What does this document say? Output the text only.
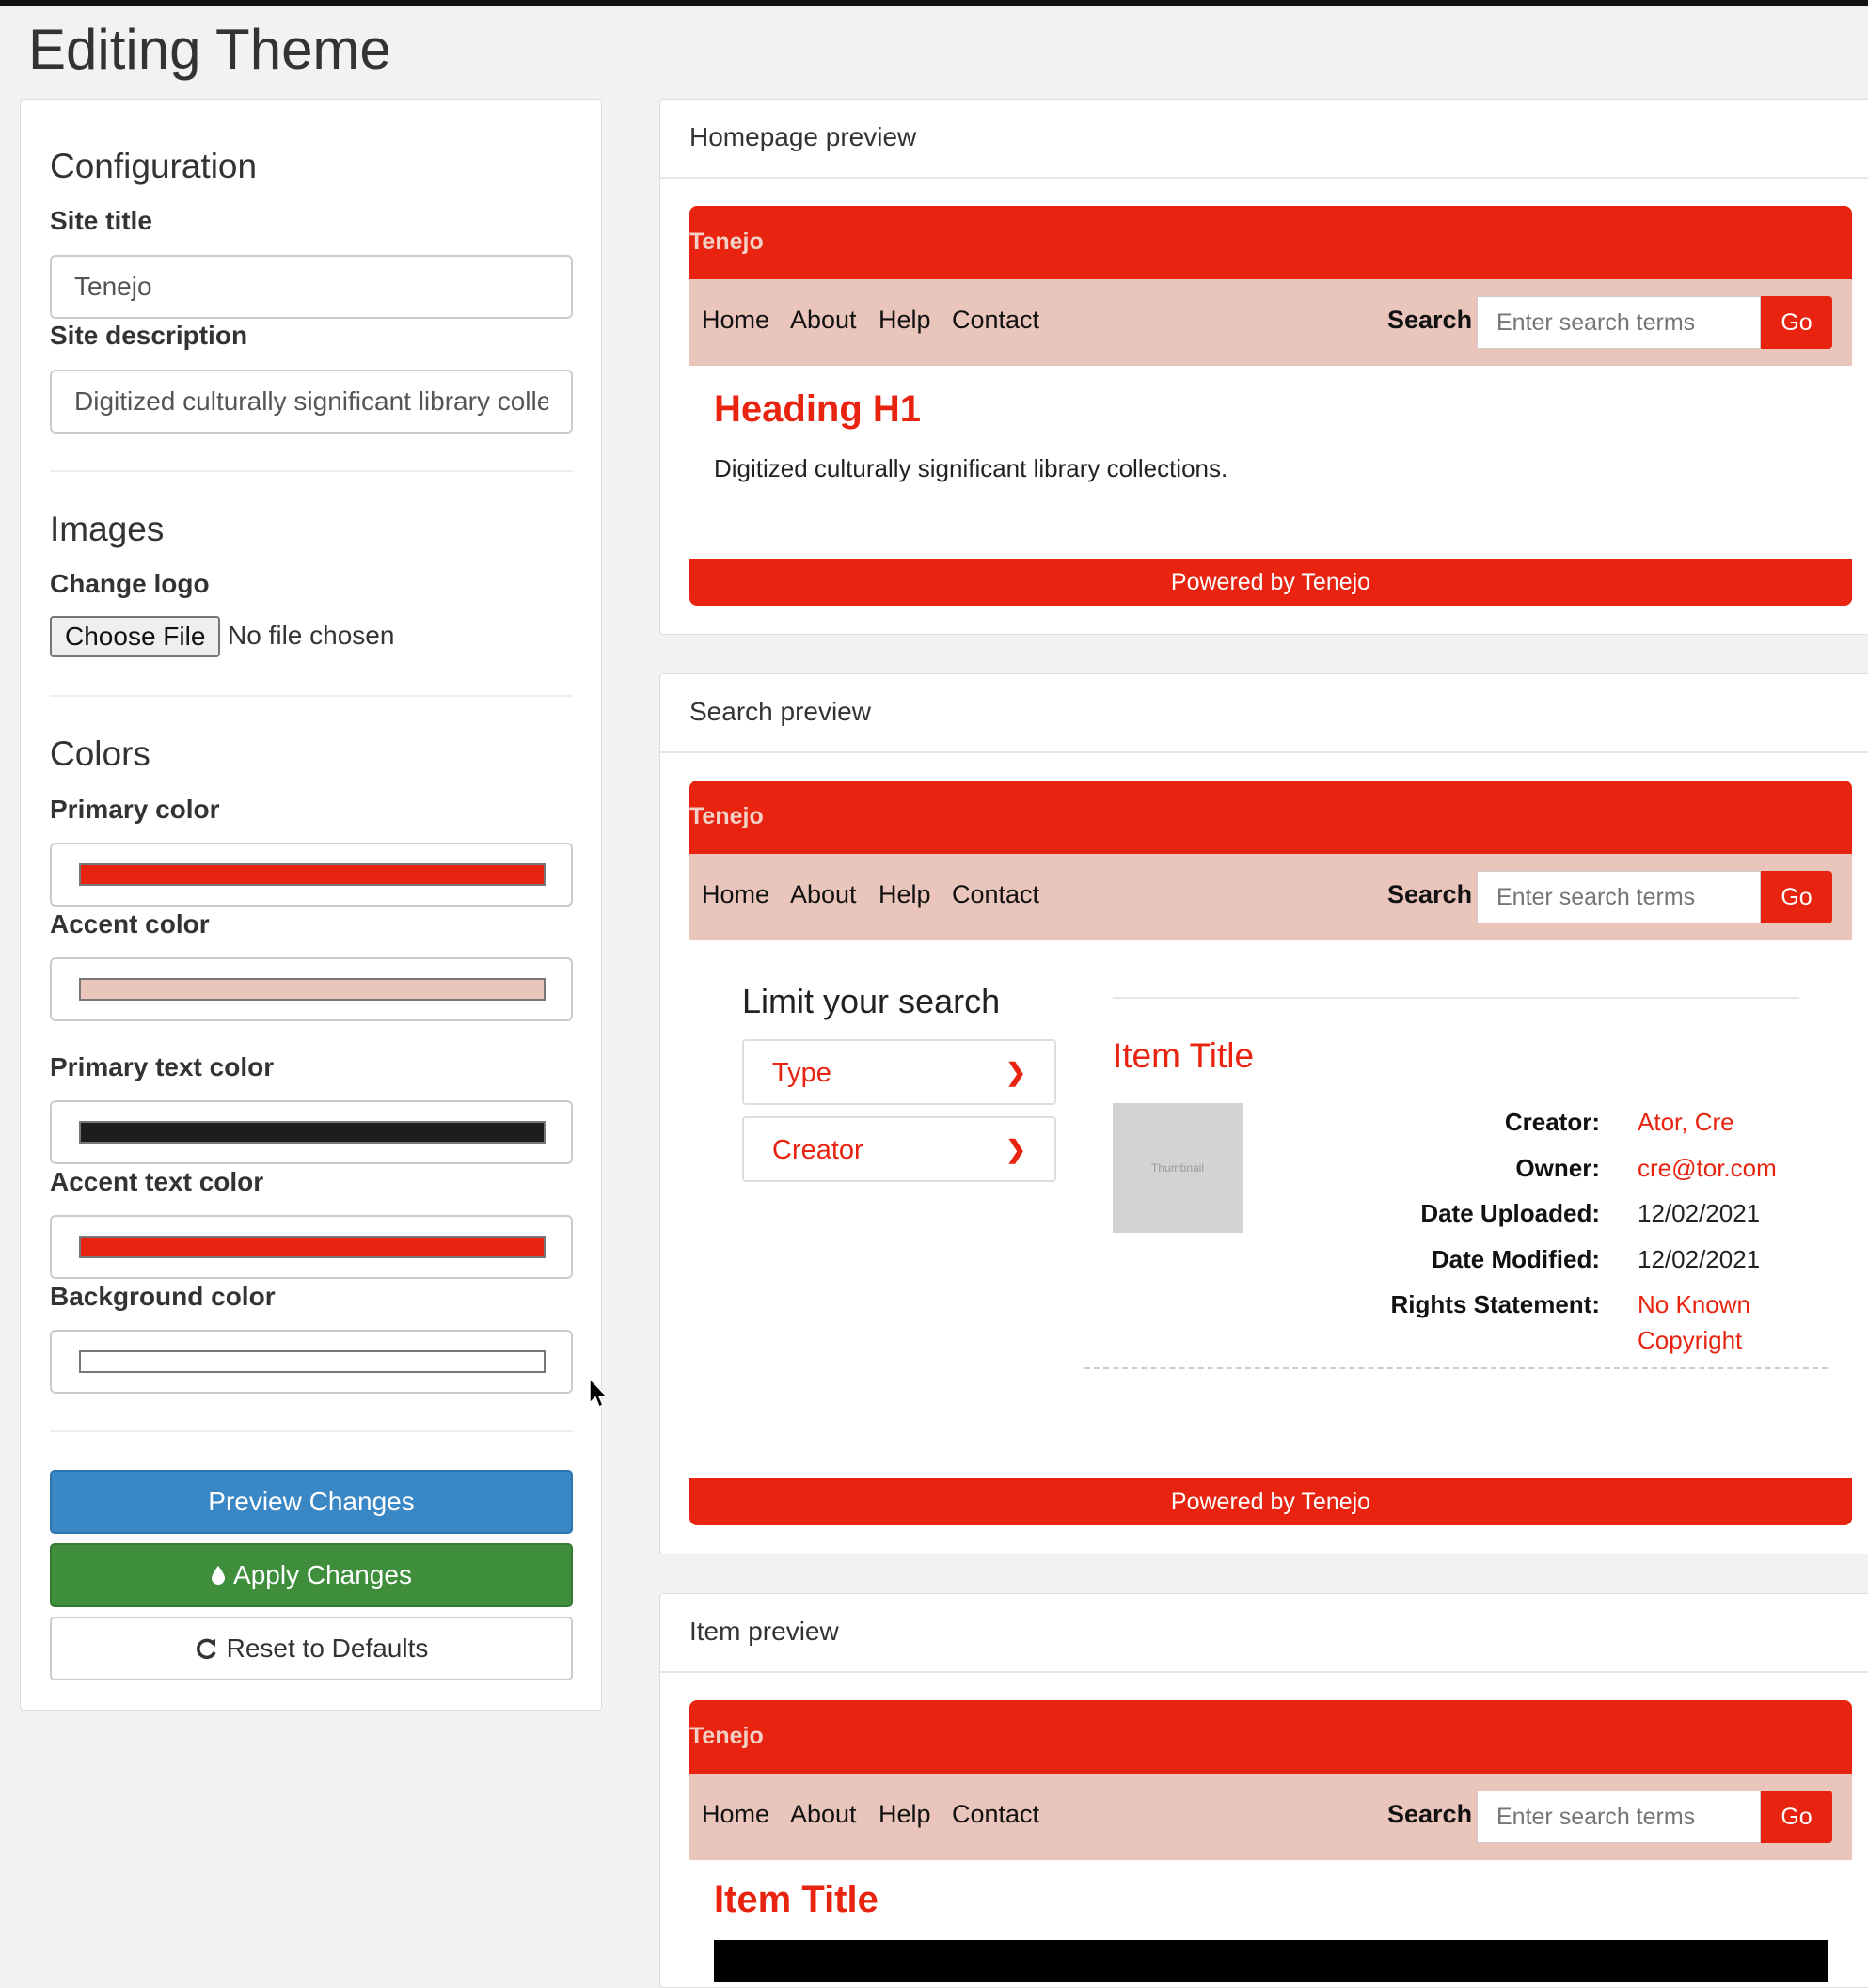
Editing Theme
Configuration
Site title
Tenejo
Site description
Digitized culturally significant library colle
Images
Change logo
Choose File No file chosen
Colors
Primary color
Accent color
Primary text color
Accent text color
Background color
Preview Changes
Apply Changes
Reset to Defaults
Homepage preview
Tenejo
Home About Help Contact	Search
Enter search terms	Go
Heading H1
Digitized culturally significant library collections.
Powered by Tenejo
Search preview
Tenejo
Home About Help Contact	Search
Enter search terms	Go
Limit your search
Type	❯
Creator	❯
Item Title
Thumbnail
Creator: Ator, Cre
Owner: cre@tor.com
Date Uploaded: 12/02/2021
Date Modified: 12/02/2021
Rights Statement: No Known
Copyright
Powered by Tenejo
Item preview
Tenejo
Home About Help Contact	Search
Enter search terms	Go
Item Title
